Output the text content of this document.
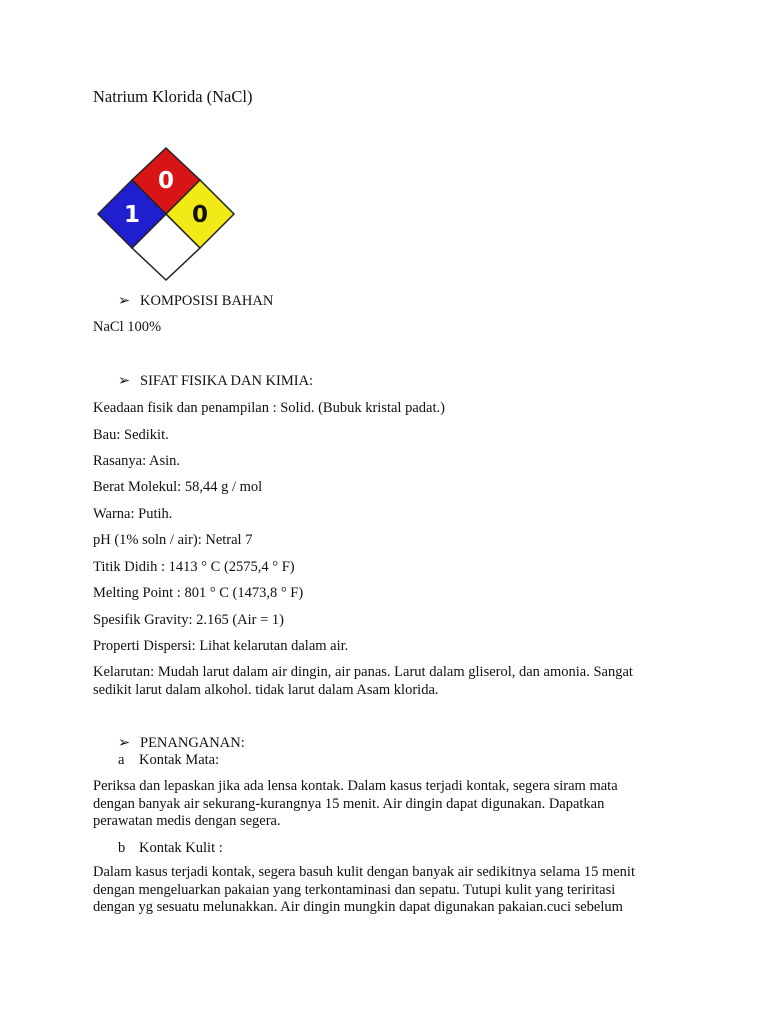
Natrium Klorida (NaCl)
1
0
0
➢ KOMPOSISI BAHAN
NaCl 100%
➢ SIFAT FISIKA DAN KIMIA:
Keadaan fisik dan penampilan : Solid. (Bubuk kristal padat.)
Bau: Sedikit.
Rasanya: Asin.
Berat Molekul: 58,44 g / mol
Warna: Putih.
pH (1% soln / air): Netral 7
Titik Didih : 1413 ° C (2575,4 ° F)
Melting Point : 801 ° C (1473,8 ° F)
Spesifik Gravity: 2.165 (Air = 1)
Properti Dispersi: Lihat kelarutan dalam air.
Kelarutan: Mudah larut dalam air dingin, air panas. Larut dalam gliserol, dan amonia. Sangat
sedikit larut dalam alkohol. tidak larut dalam Asam klorida.
➢ PENANGANAN:
a Kontak Mata:
Periksa dan lepaskan jika ada lensa kontak. Dalam kasus terjadi kontak, segera siram mata
dengan banyak air sekurang-kurangnya 15 menit. Air dingin dapat digunakan. Dapatkan
perawatan medis dengan segera.
b Kontak Kulit :
Dalam kasus terjadi kontak, segera basuh kulit dengan banyak air sedikitnya selama 15 menit
dengan mengeluarkan pakaian yang terkontaminasi dan sepatu. Tutupi kulit yang teriritasi
dengan yg sesuatu melunakkan. Air dingin mungkin dapat digunakan pakaian.cuci sebelum
